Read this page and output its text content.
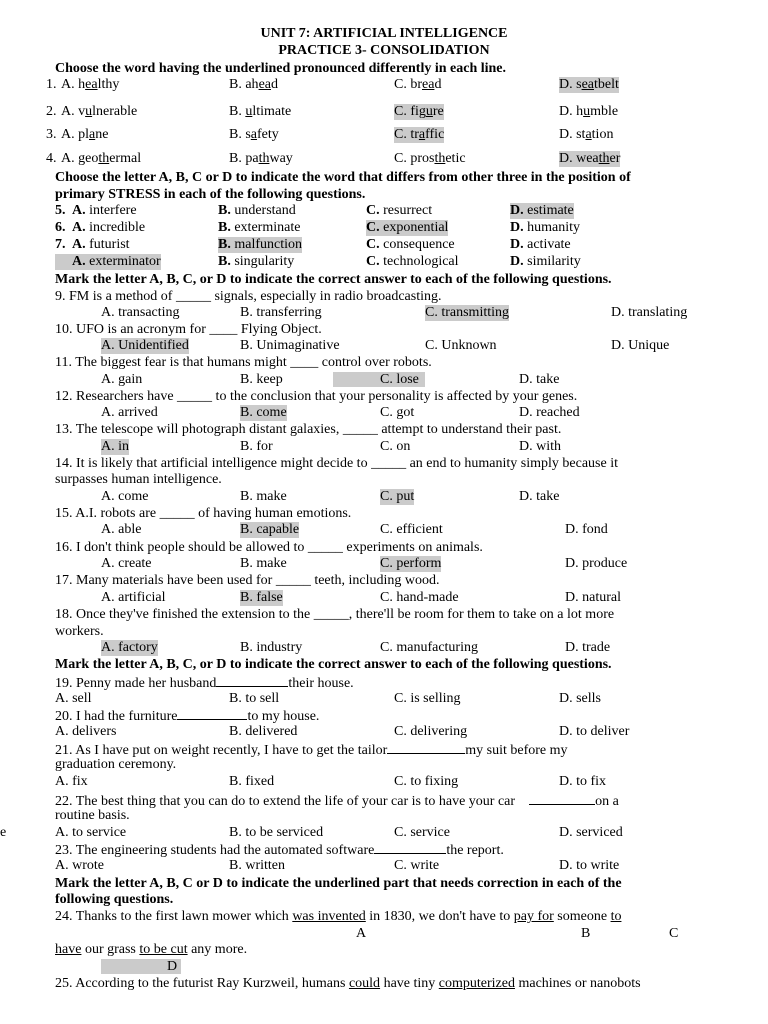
UNIT 7: ARTIFICIAL INTELLIGENCE
PRACTICE 3- CONSOLIDATION
Choose the word having the underlined pronounced differently in each line.
1. A. healthy	B. ahead	C. bread	D. seatbelt
2. A. vulnerable	B. ultimate	C. figure	D. humble
3. A. plane	B. safety	C. traffic	D. station
4. A. geothermal	B. pathway	C. prosthetic	D. weather
Choose the letter A, B, C or D to indicate the word that differs from other three in the position of
primary STRESS in each of the following questions.
5. A. interfere	B. understand	C. resurrect	D. estimate
6. A. incredible	B. exterminate	C. exponential	D. humanity
7. A. futurist	B. malfunction	C. consequence	D. activate
A. exterminator	B. singularity	C. technological	D. similarity
Mark the letter A, B, C, or D to indicate the correct answer to each of the following questions.
9. FM is a method of _____ signals, especially in radio broadcasting.
A. transacting	B. transferring	C. transmitting	D. translating
10. UFO is an acronym for ____ Flying Object.
A. Unidentified	B. Unimaginative	C. Unknown	D. Unique
11. The biggest fear is that humans might ____ control over robots.
A. gain	B. keep	C. lose	D. take
12. Researchers have _____ to the conclusion that your personality is affected by your genes.
A. arrived	B. come	C. got	D. reached
13. The telescope will photograph distant galaxies, _____ attempt to understand their past.
A. in	B. for	C. on	D. with
14. It is likely that artificial intelligence might decide to _____ an end to humanity simply because it
surpasses human intelligence.
A. come	B. make	C. put	D. take
15. A.I. robots are _____ of having human emotions.
A. able	B. capable	C. efficient	D. fond
16. I don't think people should be allowed to _____ experiments on animals.
A. create	B. make	C. perform	D. produce
17. Many materials have been used for _____ teeth, including wood.
A. artificial	B. false	C. hand-made	D. natural
18. Once they've finished the extension to the _____, there'll be room for them to take on a lot more
workers.
A. factory	B. industry	C. manufacturing	D. trade
Mark the letter A, B, C, or D to indicate the correct answer to each of the following questions.
19. Penny made her husband	their house.
A. sell	B. to sell	C. is selling	D. sells
20. I had the furniture	to my house.
A. delivers	B. delivered	C. delivering	D. to deliver
21. As I have put on weight recently, I have to get the tailor	my suit before my
graduation ceremony.
A. fix	B. fixed	C. to fixing	D. to fix
22. The best thing that you can do to extend the life of your car is to have your car	on a
routine basis.
e	A. to service	B. to be serviced	C. service	D. serviced
23. The engineering students had the automated software	the report.
A. wrote	B. written	C. write	D. to write
Mark the letter A, B, C or D to indicate the underlined part that needs correction in each of the
following questions.
24. Thanks to the first lawn mower which was invented in 1830, we don't have to pay for someone to
A	B	C
have our grass to be cut any more.
D
25. According to the futurist Ray Kurzweil, humans could have tiny computerized machines or nanobots
